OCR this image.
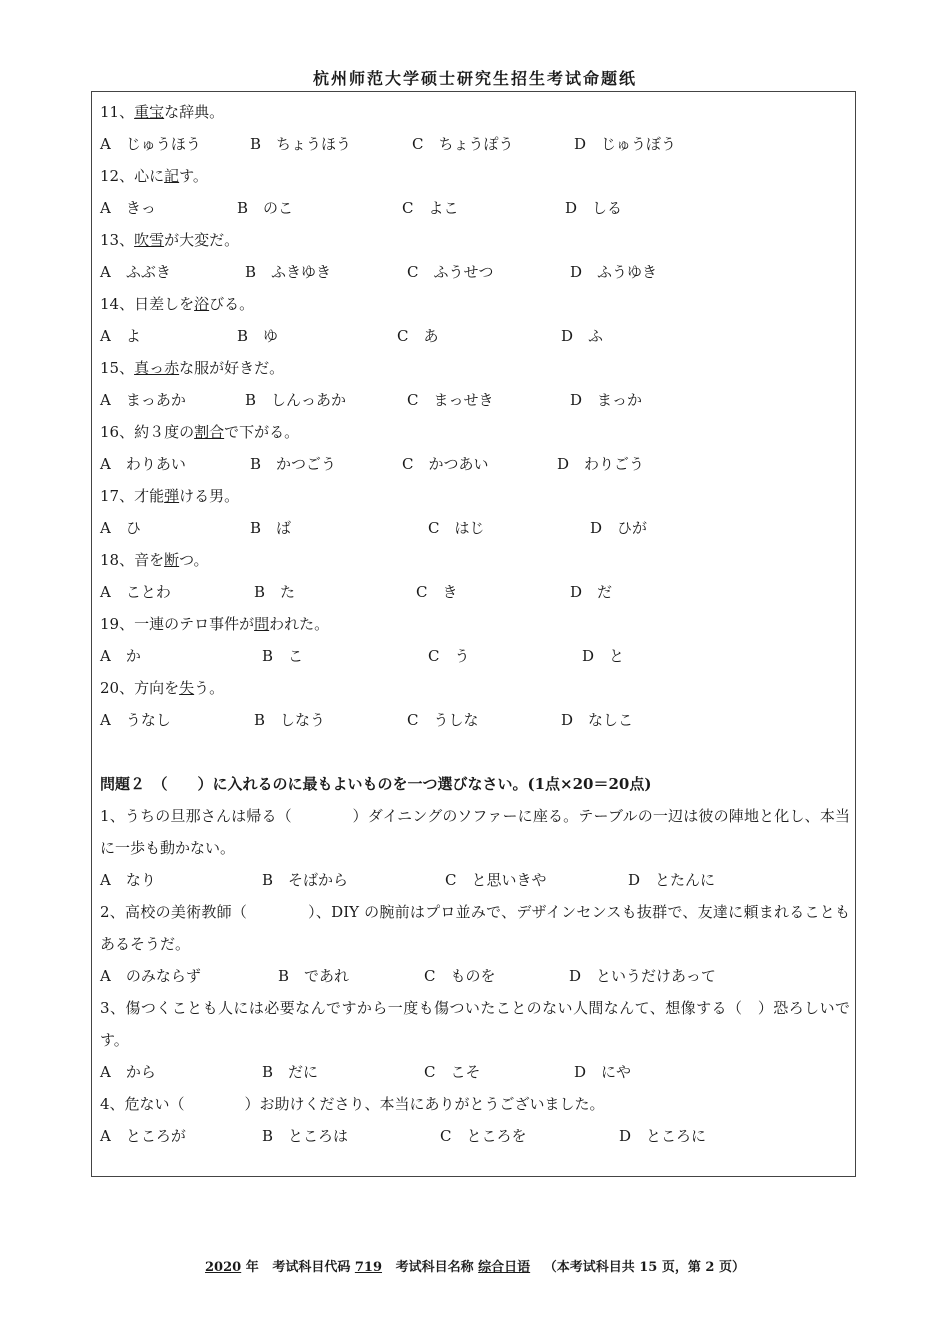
杭州师范大学硕士研究生招生考试命题纸
11、重宝な辞典。
A　じゅうほう	B　ちょうほう	C　ちょうぽう	D　じゅうぼう
12、心に記す。
A　きっ	B　のこ	C　よこ	D　しる
13、吹雪が大変だ。
A　ふぶき	B　ふきゆき	C　ふうせつ	D　ふうゆき
14、日差しを浴びる。
A　よ	B　ゆ	C　あ	D　ふ
15、真っ赤な服が好きだ。
A　まっあか	B　しんっあか	C　まっせき	D　まっか
16、約３度の割合で下がる。
A　わりあい	B　かつごう	C　かつあい	D　わりごう
17、才能弾ける男。
A　ひ	B　ば	C　はじ	D　ひが
18、音を断つ。
A　ことわ	B　た	C　き	D　だ
19、一連のテロ事件が問われた。
A　か	B　こ	C　う	D　と
20、方向を失う。
A　うなし	B　しなう	C　うしな	D　なしこ
問題２　（　　）に入れるのに最もよいものを一つ選びなさい。(1点×20＝20点)
1、うちの旦那さんは帰る（　　　　）ダイニングのソファーに座る。テーブルの一辺は彼の陣地と化し、本当に一歩も動かない。
A　なり	B　そばから	C　と思いきや	D　とたんに
2、高校の美術教師（　　　　）、DIY の腕前はプロ並みで、デザインセンスも抜群で、友達に頼まれることもあるそうだ。
A　のみならず	B　であれ	C　ものを	D　というだけあって
3、傷つくことも人には必要なんですから一度も傷ついたことのない人間なんて、想像する（　）恐ろしいです。
A　から	B　だに	C　こそ	D　にや
4、危ない（　　　　）お助けくださり、本当にありがとうございました。
A　ところが	B　ところは	C　ところを	D　ところに
2020 年 考试科目代码 719 考试科目名称 综合日语 （本考试科目共 15 页，第 2 页）
